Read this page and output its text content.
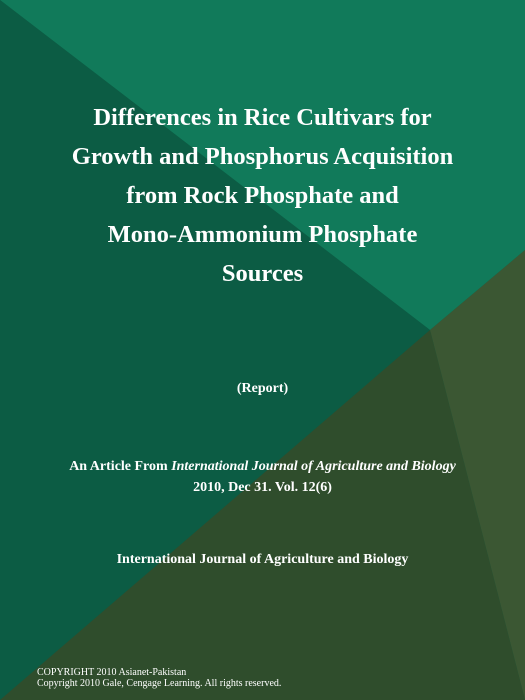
Differences in Rice Cultivars for
Growth and Phosphorus Acquisition
from Rock Phosphate and
Mono-Ammonium Phosphate
Sources
(Report)
An Article From International Journal of Agriculture and Biology
2010, Dec 31. Vol. 12(6)
International Journal of Agriculture and Biology
COPYRIGHT 2010 Asianet-Pakistan
Copyright 2010 Gale, Cengage Learning. All rights reserved.
